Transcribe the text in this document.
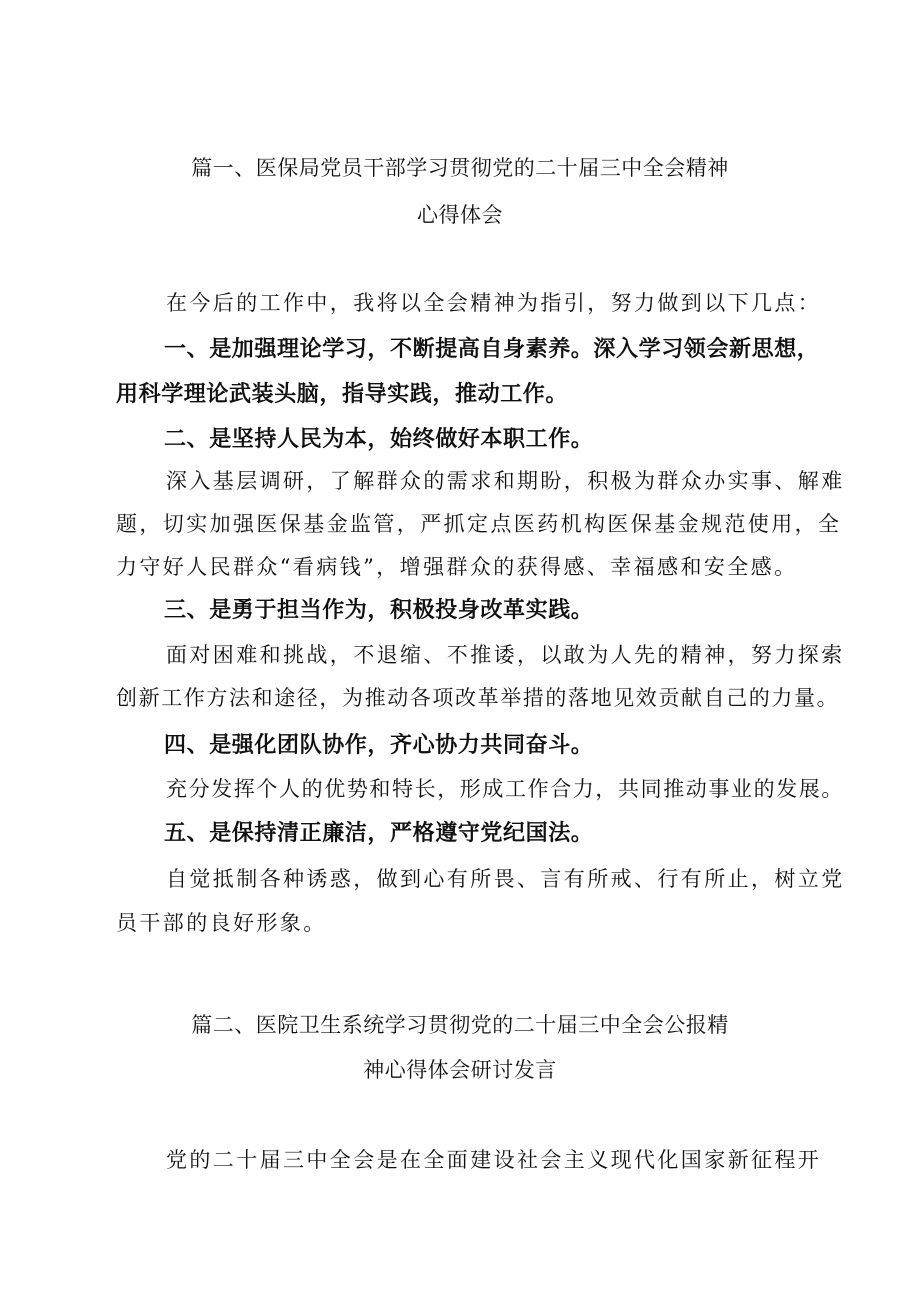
篇一、医保局党员干部学习贯彻党的二十届三中全会精神
心得体会
在今后的工作中，我将以全会精神为指引，努力做到以下几点：
一、是加强理论学习，不断提高自身素养。深入学习领会新思想，
用科学理论武装头脑，指导实践，推动工作。
二、是坚持人民为本，始终做好本职工作。
深入基层调研，了解群众的需求和期盼，积极为群众办实事、解难
题，切实加强医保基金监管，严抓定点医药机构医保基金规范使用，全
力守好人民群众“看病钱”，增强群众的获得感、幸福感和安全感。
三、是勇于担当作为，积极投身改革实践。
面对困难和挑战，不退缩、不推诿，以敢为人先的精神，努力探索
创新工作方法和途径，为推动各项改革举措的落地见效贡献自己的力量。
四、是强化团队协作，齐心协力共同奋斗。
充分发挥个人的优势和特长，形成工作合力，共同推动事业的发展。
五、是保持清正廉洁，严格遵守党纪国法。
自觉抵制各种诱惑，做到心有所畏、言有所戒、行有所止，树立党
员干部的良好形象。
篇二、医院卫生系统学习贯彻党的二十届三中全会公报精
神心得体会研讨发言
党的二十届三中全会是在全面建设社会主义现代化国家新征程开
